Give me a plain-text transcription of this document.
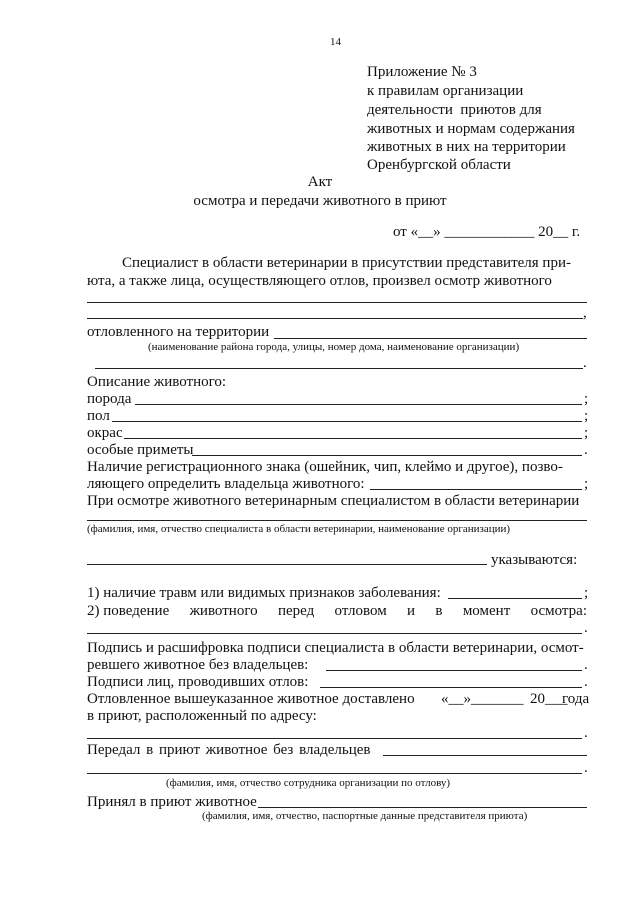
14
Приложение № 3
к правилам организации
деятельности  приютов для
животных и нормам содержания
животных в них на территории
Оренбургской области
Акт
осмотра и передачи животного в приют
от «__» ____________ 20__ г.
Специалист в области ветеринарии в присутствии представителя при-
юта, а также лица, осуществляющего отлов, произвел осмотр животного
,
отловленного на территории
(наименование района города, улицы, номер дома, наименование организации)
.
Описание животного:
порода	;
пол	;
окрас	;
особые приметы	.
Наличие регистрационного знака (ошейник, чип, клеймо и другое), позво-
ляющего определить владельца животного:	;
При осмотре животного ветеринарным специалистом в области ветеринарии
(фамилия, имя, отчество специалиста в области ветеринарии, наименование организации)
указываются:
1) наличие травм или видимых признаков заболевания:	;
2) поведение животного перед отловом и в момент осмотра:
.
Подпись и расшифровка подписи специалиста в области ветеринарии, осмот-
ревшего животное без владельцев:	.
Подписи лиц, проводивших отлов:	.
Отловленное вышеуказанное животное доставлено «__»_______ 20___
года
в приют, расположенный по адресу:
.
Передал в приют животное без владельцев
.
(фамилия, имя, отчество сотрудника организации по отлову)
Принял в приют животное
(фамилия, имя, отчество, паспортные данные представителя приюта)
